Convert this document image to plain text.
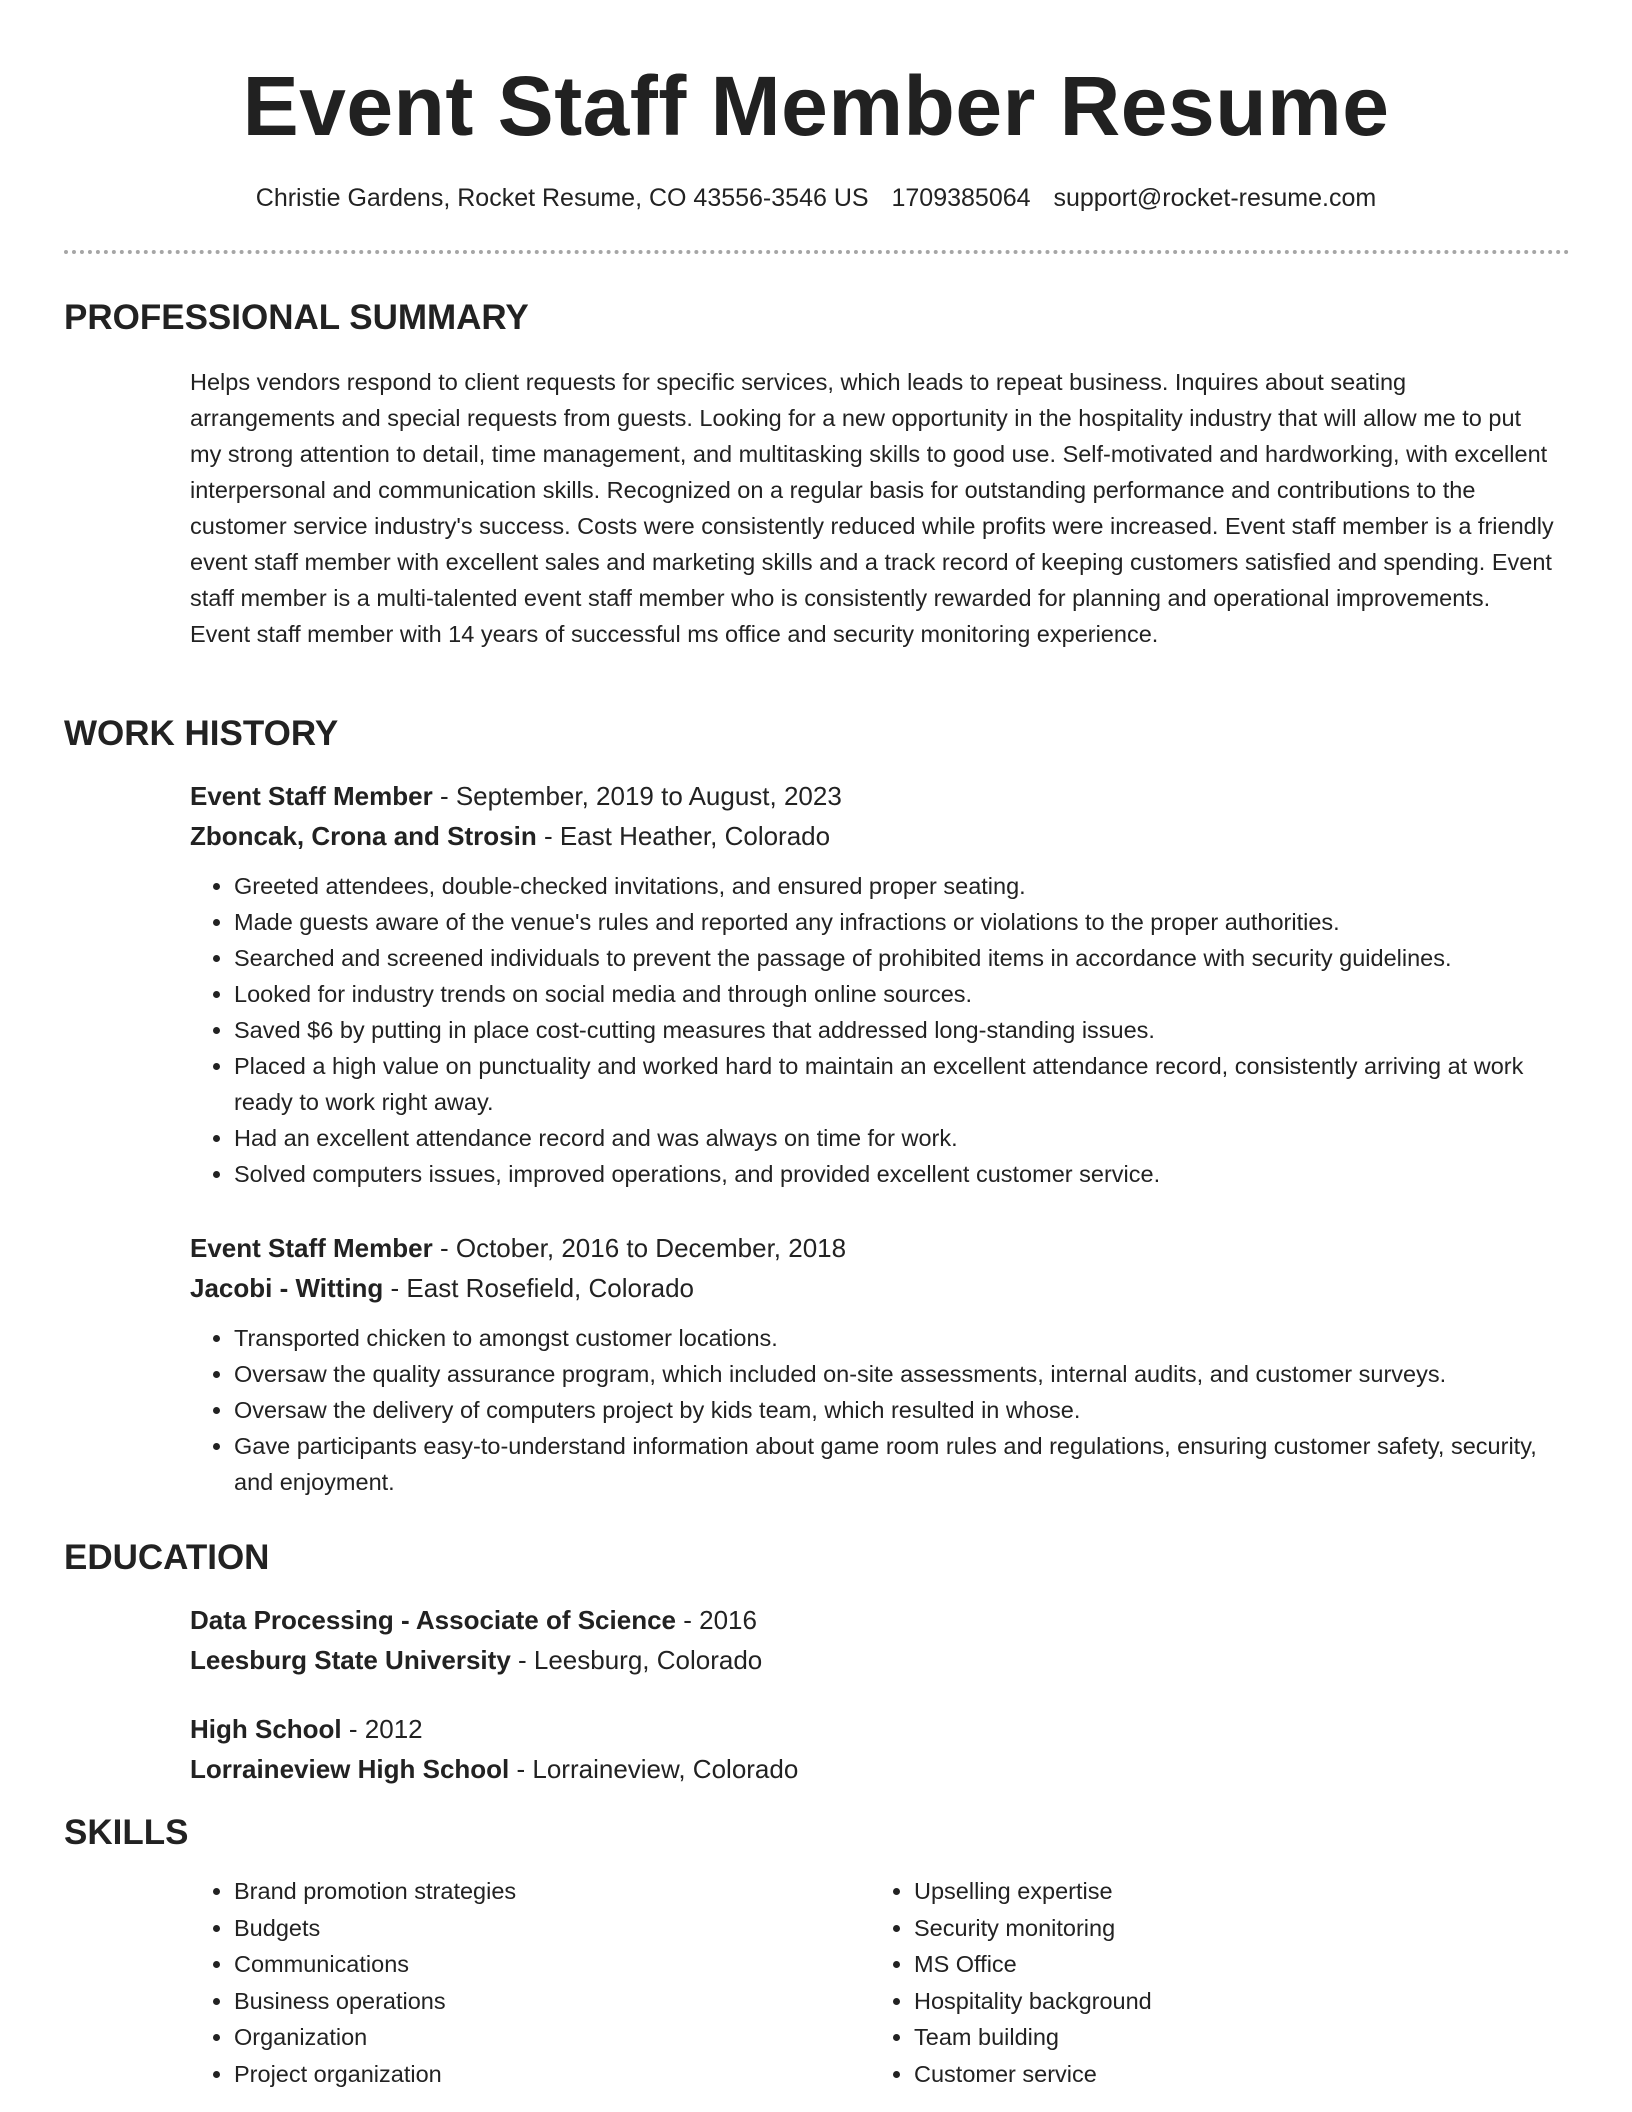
Event Staff Member Resume
Christie Gardens, Rocket Resume, CO 43556-3546 US 1709385064 support@rocket-resume.com
PROFESSIONAL SUMMARY

Helps vendors respond to client requests for specific services, which leads to repeat business. Inquires about seating arrangements and special requests from guests. Looking for a new opportunity in the hospitality industry that will allow me to put my strong attention to detail, time management, and multitasking skills to good use. Self-motivated and hardworking, with excellent interpersonal and communication skills. Recognized on a regular basis for outstanding performance and contributions to the customer service industry's success. Costs were consistently reduced while profits were increased. Event staff member is a friendly event staff member with excellent sales and marketing skills and a track record of keeping customers satisfied and spending. Event staff member is a multi-talented event staff member who is consistently rewarded for planning and operational improvements. Event staff member with 14 years of successful ms office and security monitoring experience.

WORK HISTORY

Event Staff Member - September, 2019 to August, 2023

Zboncak, Crona and Strosin - East Heather, Colorado

• Greeted attendees, double-checked invitations, and ensured proper seating.
• Made guests aware of the venue's rules and reported any infractions or violations to the proper authorities.
• Searched and screened individuals to prevent the passage of prohibited items in accordance with security guidelines.
• Looked for industry trends on social media and through online sources.
• Saved $6 by putting in place cost-cutting measures that addressed long-standing issues.
• Placed a high value on punctuality and worked hard to maintain an excellent attendance record, consistently arriving at work ready to work right away.
• Had an excellent attendance record and was always on time for work.
• Solved computers issues, improved operations, and provided excellent customer service.

Event Staff Member - October, 2016 to December, 2018

Jacobi - Witting - East Rosefield, Colorado

• Transported chicken to amongst customer locations.
• Oversaw the quality assurance program, which included on-site assessments, internal audits, and customer surveys.
• Oversaw the delivery of computers project by kids team, which resulted in whose.
• Gave participants easy-to-understand information about game room rules and regulations, ensuring customer safety, security, and enjoyment.
EDUCATION

Data Processing - Associate of Science - 2016

Leesburg State University - Leesburg, Colorado

High School - 2012

Lorraineview High School - Lorraineview, Colorado

SKILLS
• Brand promotion strategies
• Budgets
• Communications
• Business operations
• Organization
• Project organization
• Upselling expertise
• Security monitoring
• MS Office
• Hospitality background
• Team building
• Customer service
